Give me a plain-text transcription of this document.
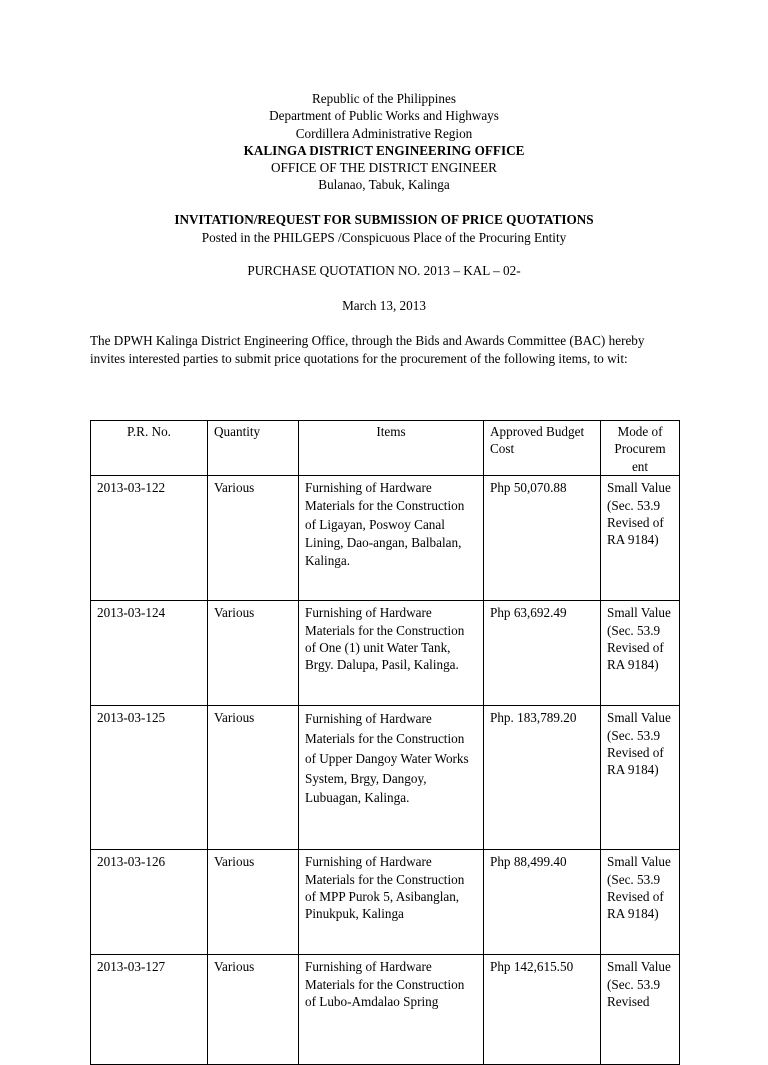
Republic of the Philippines
Department of Public Works and Highways
Cordillera Administrative Region
KALINGA DISTRICT ENGINEERING OFFICE
OFFICE OF THE DISTRICT ENGINEER
Bulanao, Tabuk, Kalinga
INVITATION/REQUEST FOR SUBMISSION OF PRICE QUOTATIONS
Posted in the PHILGEPS /Conspicuous Place of the Procuring Entity
PURCHASE QUOTATION NO. 2013 – KAL – 02-
March 13, 2013
The DPWH Kalinga District Engineering Office, through the Bids and Awards Committee (BAC) hereby invites interested parties to submit price quotations for the procurement of the following items, to wit:
P.R. No.	Quantity	Items	Approved Budget Cost	Mode of Procurem ent
2013-03-122	Various	Furnishing of Hardware Materials for the Construction of Ligayan, Poswoy Canal Lining, Dao-angan, Balbalan, Kalinga.	Php 50,070.88	Small Value (Sec. 53.9 Revised of RA 9184)
2013-03-124	Various	Furnishing of Hardware Materials for the Construction of One (1) unit Water Tank, Brgy. Dalupa, Pasil, Kalinga.	Php 63,692.49	Small Value (Sec. 53.9 Revised of RA 9184)
2013-03-125	Various	Furnishing of Hardware Materials for the Construction of Upper Dangoy Water Works System, Brgy, Dangoy, Lubuagan, Kalinga.	Php. 183,789.20	Small Value (Sec. 53.9 Revised of RA 9184)
2013-03-126	Various	Furnishing of Hardware Materials for the Construction of MPP Purok 5, Asibanglan, Pinukpuk, Kalinga	Php 88,499.40	Small Value (Sec. 53.9 Revised of RA 9184)
2013-03-127	Various	Furnishing of Hardware Materials for the Construction of Lubo-Amdalao Spring	Php 142,615.50	Small Value (Sec. 53.9 Revised
